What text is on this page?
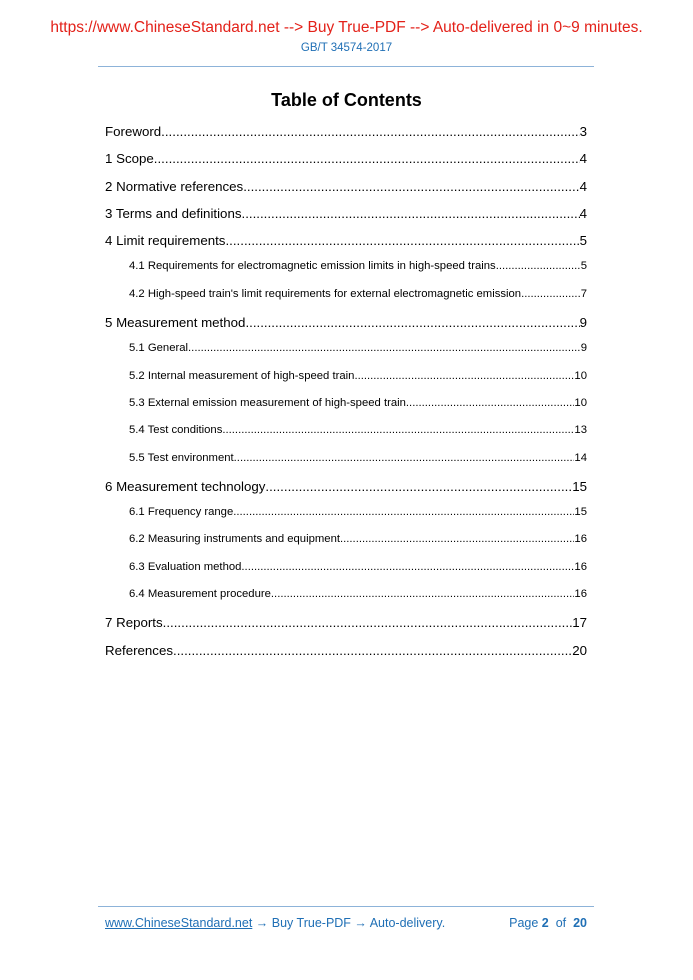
https://www.ChineseStandard.net --> Buy True-PDF --> Auto-delivered in 0~9 minutes.
GB/T 34574-2017
Table of Contents
Foreword .....	3
1 Scope .....	4
2 Normative references .....	4
3 Terms and definitions .....	4
4 Limit requirements .....	5
4.1 Requirements for electromagnetic emission limits in high-speed trains .....	5
4.2 High-speed train's limit requirements for external electromagnetic emission .....	7
5 Measurement method .....	9
5.1 General .....	9
5.2 Internal measurement of high-speed train .....	10
5.3 External emission measurement of high-speed train .....	10
5.4 Test conditions .....	13
5.5 Test environment .....	14
6 Measurement technology .....	15
6.1 Frequency range .....	15
6.2 Measuring instruments and equipment .....	16
6.3 Evaluation method .....	16
6.4 Measurement procedure .....	16
7 Reports .....	17
References .....	20
www.ChineseStandard.net → Buy True-PDF → Auto-delivery.	Page 2 of 20
